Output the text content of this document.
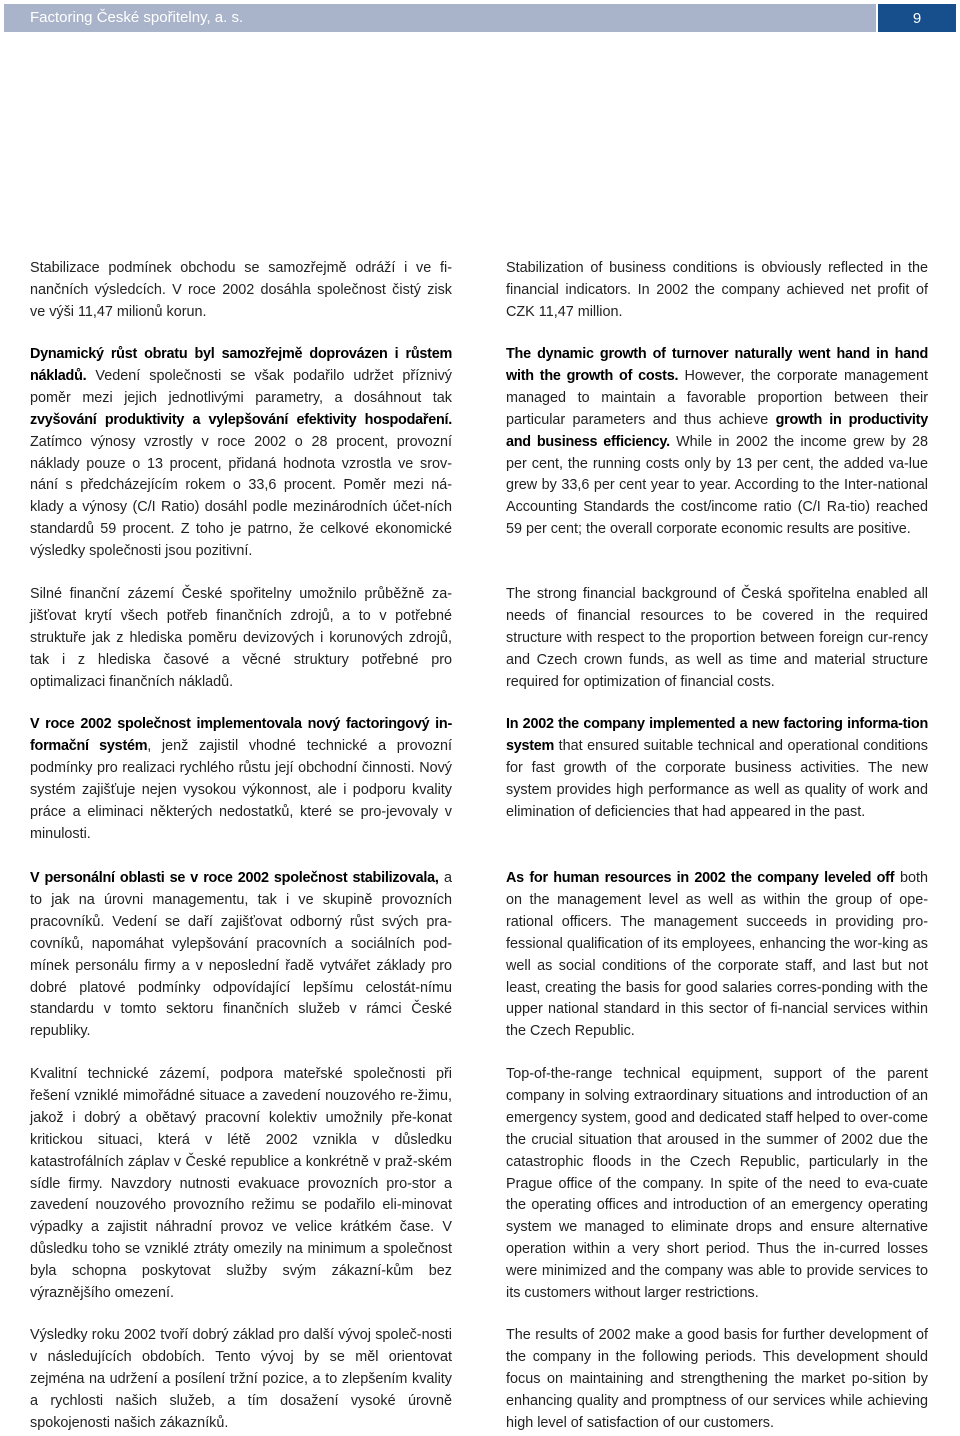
Factoring České spořitelny, a. s.	9

Stabilizace podmínek obchodu se samozřejmě odráží i ve fi-nančních výsledcích. V roce 2002 dosáhla společnost čistý zisk ve výši 11,47 milionů korun.

Dynamický růst obratu byl samozřejmě doprovázen i růstem nákladů. Vedení společnosti se však podařilo udržet příznivý poměr mezi jejich jednotlivými parametry, a dosáhnout tak zvyšování produktivity a vylepšování efektivity hospodaření. Zatímco výnosy vzrostly v roce 2002 o 28 procent, provozní náklady pouze o 13 procent, přidaná hodnota vzrostla ve srov-nání s předcházejícím rokem o 33,6 procent. Poměr mezi ná-klady a výnosy (C/I Ratio) dosáhl podle mezinárodních účet-ních standardů 59 procent. Z toho je patrno, že celkové ekonomické výsledky společnosti jsou pozitivní.

Silné finanční zázemí České spořitelny umožnilo průběžně za-jišťovat krytí všech potřeb finančních zdrojů, a to v potřebné struktuře jak z hlediska poměru devizových i korunových zdrojů, tak i z hlediska časové a věcné struktury potřebné pro optimalizaci finančních nákladů.

V roce 2002 společnost implementovala nový factoringový in-formační systém, jenž zajistil vhodné technické a provozní podmínky pro realizaci rychlého růstu její obchodní činnosti. Nový systém zajišťuje nejen vysokou výkonnost, ale i podporu kvality práce a eliminaci některých nedostatků, které se pro-jevovaly v minulosti.

V personální oblasti se v roce 2002 společnost stabilizovala, a to jak na úrovni managementu, tak i ve skupině provozních pracovníků. Vedení se daří zajišťovat odborný růst svých pra-covníků, napomáhat vylepšování pracovních a sociálních pod-mínek personálu firmy a v neposlední řadě vytvářet základy pro dobré platové podmínky odpovídající lepšímu celostát-nímu standardu v tomto sektoru finančních služeb v rámci České republiky.

Kvalitní technické zázemí, podpora mateřské společnosti při řešení vzniklé mimořádné situace a zavedení nouzového re-žimu, jakož i dobrý a obětavý pracovní kolektiv umožnily pře-konat kritickou situaci, která v létě 2002 vznikla v důsledku katastrofálních záplav v České republice a konkrétně v praž-ském sídle firmy. Navzdory nutnosti evakuace provozních pro-stor a zavedení nouzového provozního režimu se podařilo eli-minovat výpadky a zajistit náhradní provoz ve velice krátkém čase. V důsledku toho se vzniklé ztráty omezily na minimum a společnost byla schopna poskytovat služby svým zákazní-kům bez výraznějšího omezení.

Výsledky roku 2002 tvoří dobrý základ pro další vývoj společ-nosti v následujících obdobích. Tento vývoj by se měl orientovat zejména na udržení a posílení tržní pozice, a to zlepšením kvality a rychlosti našich služeb, a tím dosažení vysoké úrovně spokojenosti našich zákazníků.

Stabilization of business conditions is obviously reflected in the financial indicators. In 2002 the company achieved net profit of CZK 11,47 million.

The dynamic growth of turnover naturally went hand in hand with the growth of costs. However, the corporate management managed to maintain a favorable proportion between their particular parameters and thus achieve growth in productivity and business efficiency. While in 2002 the income grew by 28 per cent, the running costs only by 13 per cent, the added va-lue grew by 33,6 per cent year to year. According to the Inter-national Accounting Standards the cost/income ratio (C/I Ra-tio) reached 59 per cent; the overall corporate economic results are positive.

The strong financial background of Česká spořitelna enabled all needs of financial resources to be covered in the required structure with respect to the proportion between foreign cur-rency and Czech crown funds, as well as time and material structure required for optimization of financial costs.

In 2002 the company implemented a new factoring informa-tion system that ensured suitable technical and operational conditions for fast growth of the corporate business activities. The new system provides high performance as well as quality of work and elimination of deficiencies that had appeared in the past.

As for human resources in 2002 the company leveled off both on the management level as well as within the group of ope-rational officers. The management succeeds in providing pro-fessional qualification of its employees, enhancing the wor-king as well as social conditions of the corporate staff, and last but not least, creating the basis for good salaries corres-ponding with the upper national standard in this sector of fi-nancial services within the Czech Republic.

Top-of-the-range technical equipment, support of the parent company in solving extraordinary situations and introduction of an emergency system, good and dedicated staff helped to over-come the crucial situation that aroused in the summer of 2002 due the catastrophic floods in the Czech Republic, particularly in the Prague office of the company. In spite of the need to eva-cuate the operating offices and introduction of an emergency operating system we managed to eliminate drops and ensure alternative operation within a very short period. Thus the in-curred losses were minimized and the company was able to provide services to its customers without larger restrictions.

The results of 2002 make a good basis for further development of the company in the following periods. This development should focus on maintaining and strengthening the market po-sition by enhancing quality and promptness of our services while achieving high level of satisfaction of our customers.
